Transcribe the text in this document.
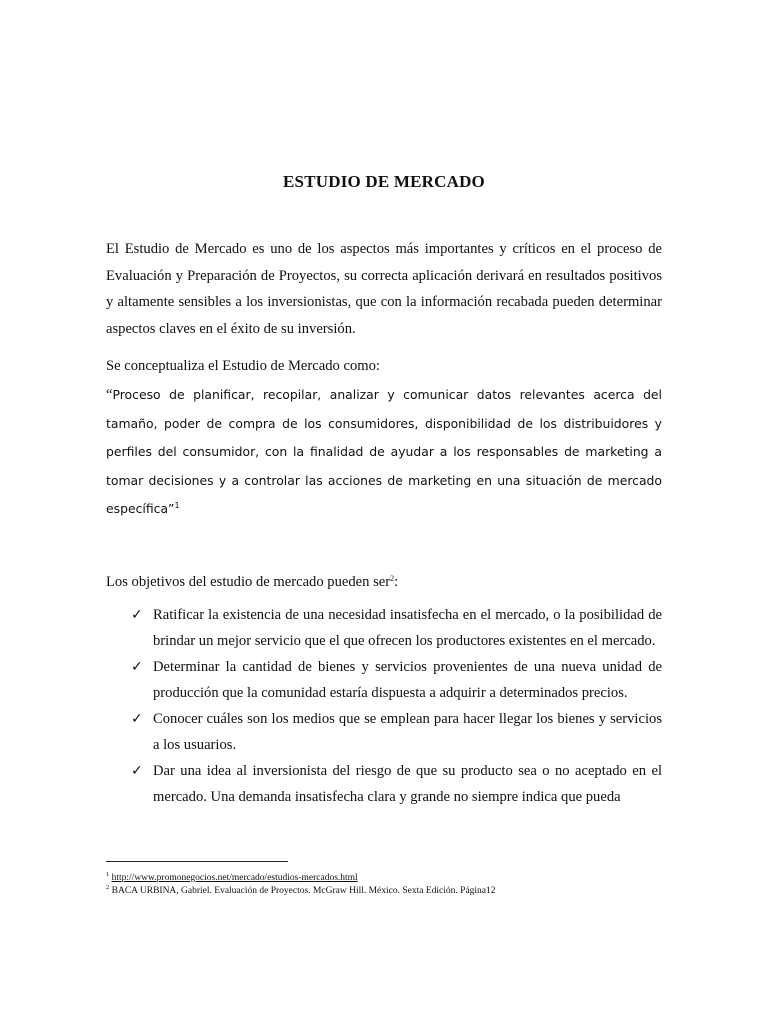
ESTUDIO DE MERCADO
El Estudio de Mercado es uno de los aspectos más importantes y críticos en el proceso de Evaluación y Preparación de Proyectos, su correcta aplicación derivará en resultados positivos y altamente sensibles a los inversionistas, que con la información recabada pueden determinar aspectos claves en el éxito de su inversión.
Se conceptualiza el Estudio de Mercado como:
“Proceso de planificar, recopilar, analizar y comunicar datos relevantes acerca del tamaño, poder de compra de los consumidores, disponibilidad de los distribuidores y perfiles del consumidor, con la finalidad de ayudar a los responsables de marketing a tomar decisiones y a controlar las acciones de marketing en una situación de mercado específica”$^1$
Los objetivos del estudio de mercado pueden ser$^2$:
✓ Ratificar la existencia de una necesidad insatisfecha en el mercado, o la posibilidad de brindar un mejor servicio que el que ofrecen los productores existentes en el mercado.
✓ Determinar la cantidad de bienes y servicios provenientes de una nueva unidad de producción que la comunidad estaría dispuesta a adquirir a determinados precios.
✓ Conocer cuáles son los medios que se emplean para hacer llegar los bienes y servicios a los usuarios.
✓ Dar una idea al inversionista del riesgo de que su producto sea o no aceptado en el mercado. Una demanda insatisfecha clara y grande no siempre indica que pueda
$^1$ http://www.promonegocios.net/mercado/estudios-mercados.html
$^2$ BACA URBINA, Gabriel. Evaluación de Proyectos. McGraw Hill. México. Sexta Edición. Página12
